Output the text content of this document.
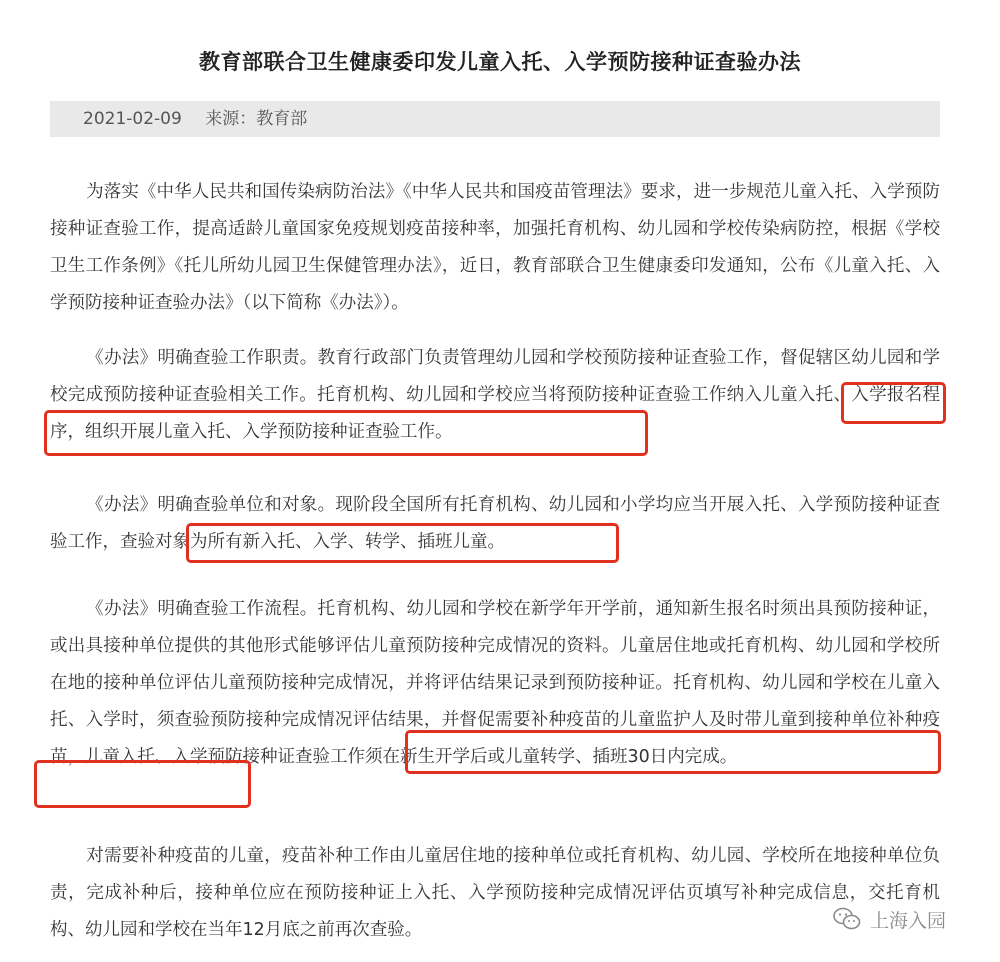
教育部联合卫生健康委印发儿童入托、入学预防接种证查验办法
2021-02-09 来源：教育部

为落实《中华人民共和国传染病防治法》《中华人民共和国疫苗管理法》要求，进一步规范儿童入托、入学预防接种证查验工作，提高适龄儿童国家免疫规划疫苗接种率，加强托育机构、幼儿园和学校传染病防控，根据《学校卫生工作条例》《托儿所幼儿园卫生保健管理办法》，近日，教育部联合卫生健康委印发通知，公布《儿童入托、入学预防接种证查验办法》（以下简称《办法》）。

《办法》明确查验工作职责。教育行政部门负责管理幼儿园和学校预防接种证查验工作，督促辖区幼儿园和学校完成预防接种证查验相关工作。托育机构、幼儿园和学校应当将预防接种证查验工作纳入儿童入托、入学报名程序，组织开展儿童入托、入学预防接种证查验工作。

《办法》明确查验单位和对象。现阶段全国所有托育机构、幼儿园和小学均应当开展入托、入学预防接种证查验工作，查验对象为所有新入托、入学、转学、插班儿童。

《办法》明确查验工作流程。托育机构、幼儿园和学校在新学年开学前，通知新生报名时须出具预防接种证，或出具接种单位提供的其他形式能够评估儿童预防接种完成情况的资料。儿童居住地或托育机构、幼儿园和学校所在地的接种单位评估儿童预防接种完成情况，并将评估结果记录到预防接种证。托育机构、幼儿园和学校在儿童入托、入学时，须查验预防接种完成情况评估结果，并督促需要补种疫苗的儿童监护人及时带儿童到接种单位补种疫苗，儿童入托、入学预防接种证查验工作须在新生开学后或儿童转学、插班30日内完成。

对需要补种疫苗的儿童，疫苗补种工作由儿童居住地的接种单位或托育机构、幼儿园、学校所在地接种单位负责，完成补种后，接种单位应在预防接种证上入托、入学预防接种完成情况评估页填写补种完成信息，交托育机构、幼儿园和学校在当年12月底之前再次查验。	上海入园
